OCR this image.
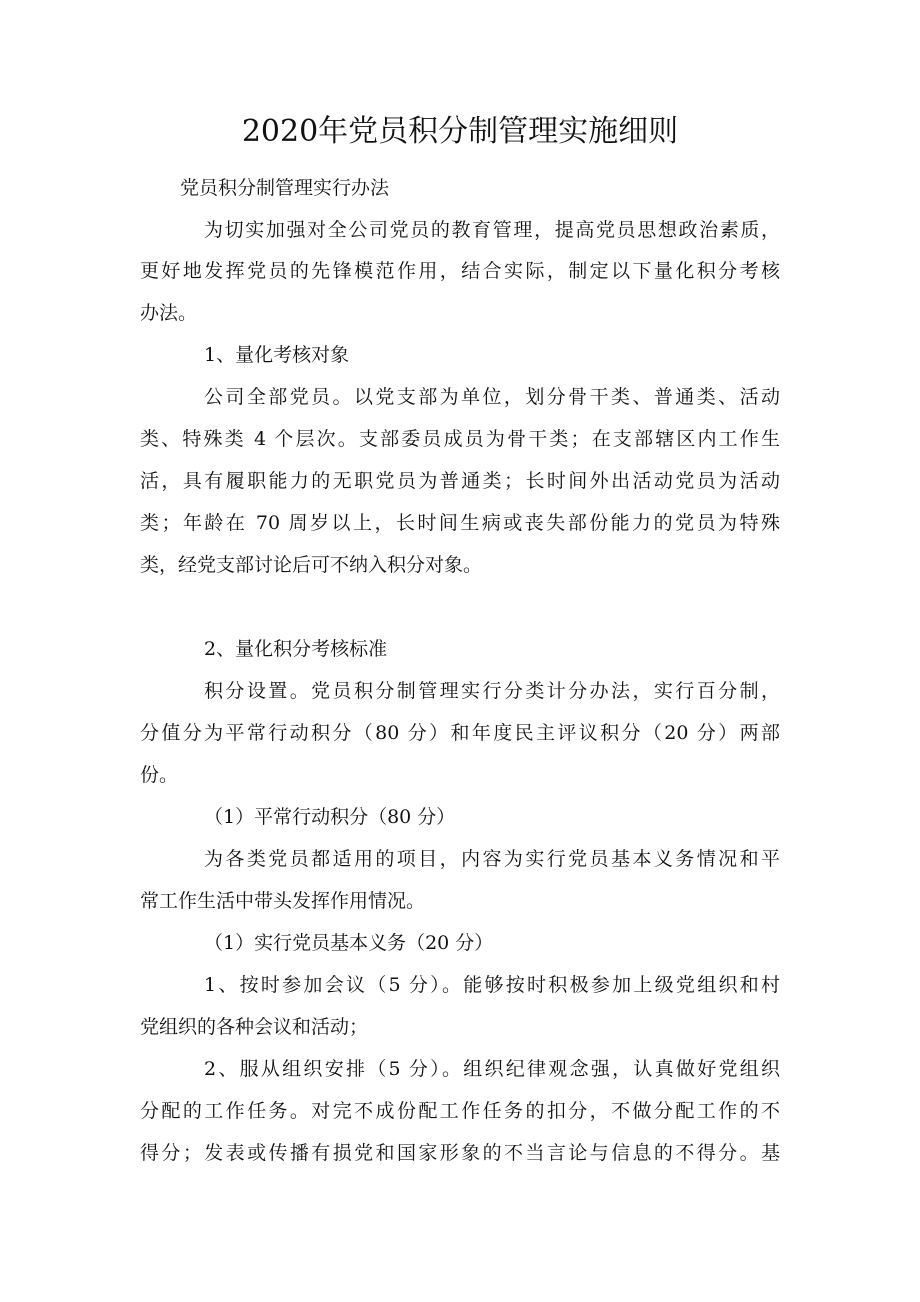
2020年党员积分制管理实施细则

党员积分制管理实行办法

为切实加强对全公司党员的教育管理，提高党员思想政治素质，

更好地发挥党员的先锋模范作用，结合实际，制定以下量化积分考核

办法。

1、量化考核对象

公司全部党员。以党支部为单位，划分骨干类、普通类、活动

类、特殊类 4 个层次。支部委员成员为骨干类；在支部辖区内工作生

活，具有履职能力的无职党员为普通类；长时间外出活动党员为活动

类；年龄在 70 周岁以上，长时间生病或丧失部份能力的党员为特殊

类，经党支部讨论后可不纳入积分对象。

2、量化积分考核标准

积分设置。党员积分制管理实行分类计分办法，实行百分制，

分值分为平常行动积分（80 分）和年度民主评议积分（20 分）两部

份。

（1）平常行动积分（80 分）

为各类党员都适用的项目，内容为实行党员基本义务情况和平

常工作生活中带头发挥作用情况。

（1）实行党员基本义务（20 分）

1、按时参加会议（5 分）。能够按时积极参加上级党组织和村

党组织的各种会议和活动；

2、服从组织安排（5 分）。组织纪律观念强，认真做好党组织

分配的工作任务。对完不成份配工作任务的扣分，不做分配工作的不

得分；发表或传播有损党和国家形象的不当言论与信息的不得分。基
